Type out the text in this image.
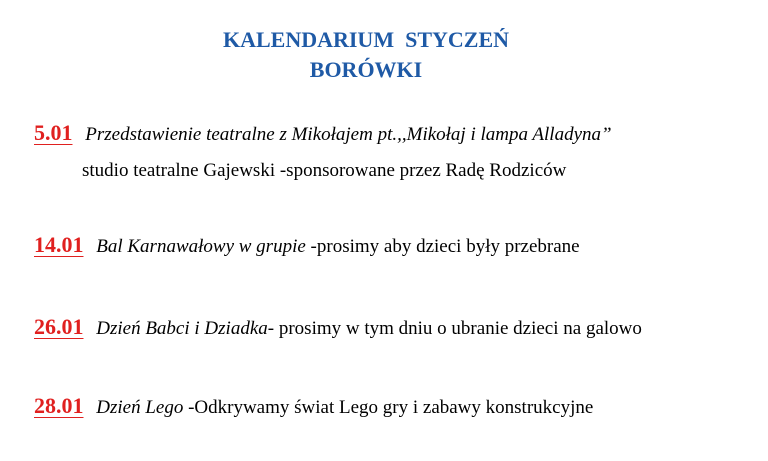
KALENDARIUM  STYCZEŃ
BORÓWKI
5.01 Przedstawienie teatralne z Mikołajem pt.,,Mikołaj i lampa Alladyna”
studio teatralne Gajewski -sponsorowane przez Radę Rodziców
14.01 Bal Karnawałowy w grupie -prosimy aby dzieci były przebrane
26.01 Dzień Babci i Dziadka- prosimy w tym dniu o ubranie dzieci na galowo
28.01 Dzień Lego -Odkrywamy świat Lego gry i zabawy konstrukcyjne
